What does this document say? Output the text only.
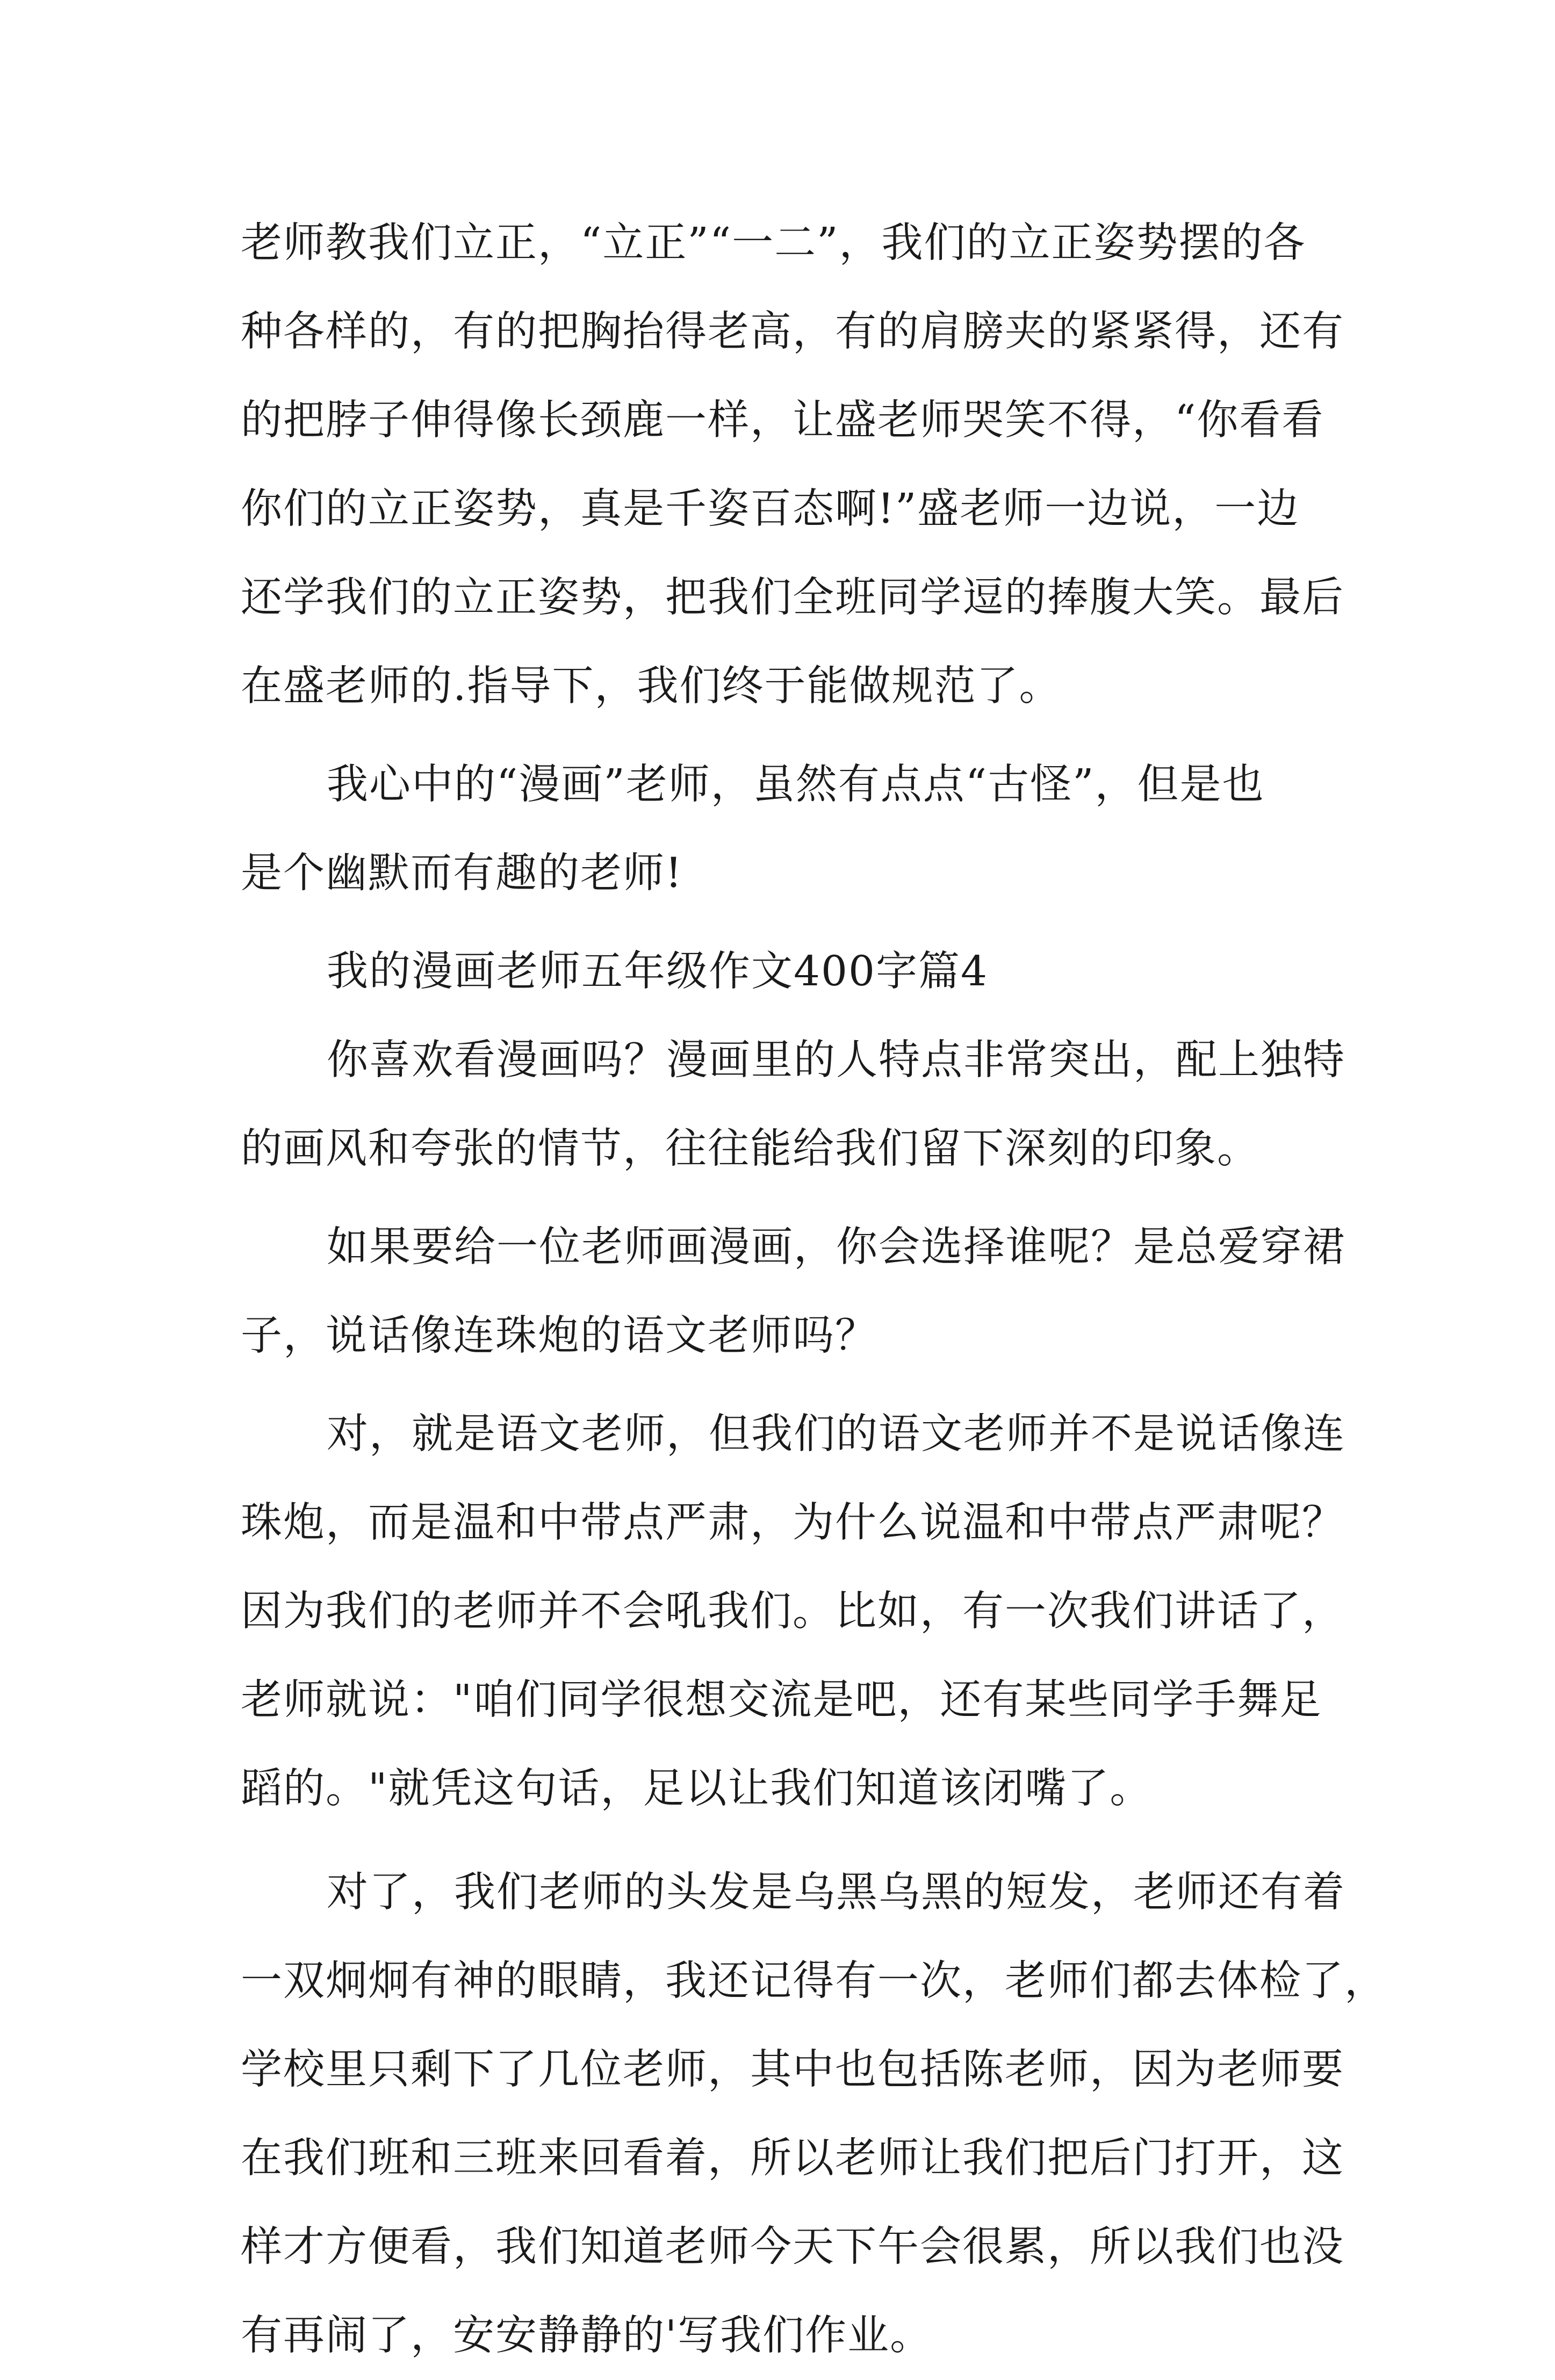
老师教我们立正，“立正”“一二”，我们的立正姿势摆的各
种各样的，有的把胸抬得老高，有的肩膀夹的紧紧得，还有
的把脖子伸得像长颈鹿一样，让盛老师哭笑不得，“你看看
你们的立正姿势，真是千姿百态啊!”盛老师一边说，一边
还学我们的立正姿势，把我们全班同学逗的捧腹大笑。最后
在盛老师的.指导下，我们终于能做规范了。
我心中的“漫画”老师，虽然有点点“古怪”，但是也
是个幽默而有趣的老师!
我的漫画老师五年级作文400字篇4
你喜欢看漫画吗？漫画里的人特点非常突出，配上独特
的画风和夸张的情节，往往能给我们留下深刻的印象。
如果要给一位老师画漫画，你会选择谁呢？是总爱穿裙
子，说话像连珠炮的语文老师吗？
对，就是语文老师，但我们的语文老师并不是说话像连
珠炮，而是温和中带点严肃，为什么说温和中带点严肃呢？
因为我们的老师并不会吼我们。比如，有一次我们讲话了，
老师就说："咱们同学很想交流是吧，还有某些同学手舞足
蹈的。"就凭这句话，足以让我们知道该闭嘴了。
对了，我们老师的头发是乌黑乌黑的短发，老师还有着
一双炯炯有神的眼睛，我还记得有一次，老师们都去体检了，
学校里只剩下了几位老师，其中也包括陈老师，因为老师要
在我们班和三班来回看着，所以老师让我们把后门打开，这
样才方便看，我们知道老师今天下午会很累，所以我们也没
有再闹了，安安静静的'写我们作业。
